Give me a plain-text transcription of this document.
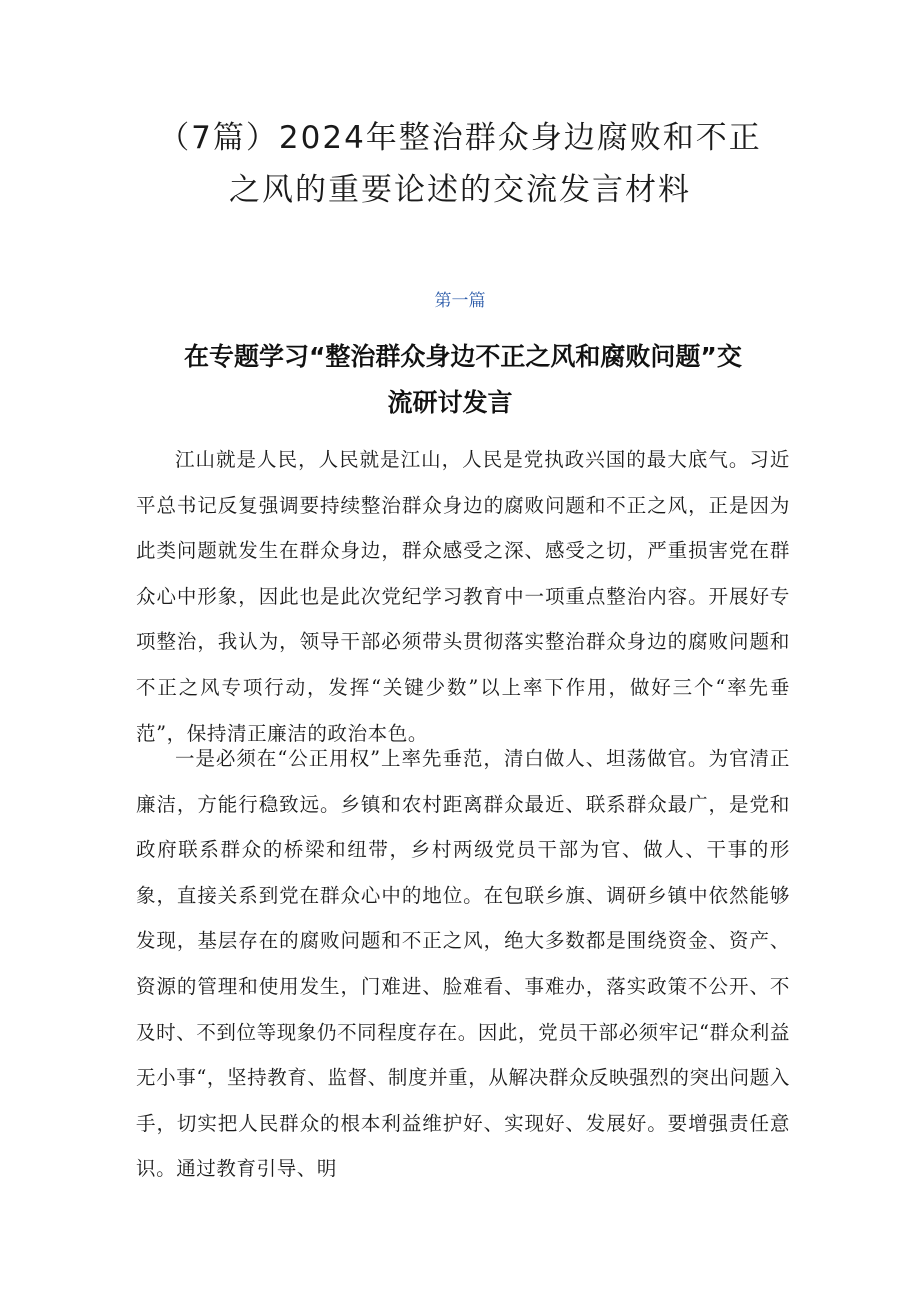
（7篇）2024年整治群众身边腐败和不正
之风的重要论述的交流发言材料
第一篇
在专题学习“整治群众身边不正之风和腐败问题”交
流研讨发言

江山就是人民，人民就是江山，人民是党执政兴国的最大底气。习近平总书记反复强调要持续整治群众身边的腐败问题和不正之风，正是因为此类问题就发生在群众身边，群众感受之深、感受之切，严重损害党在群众心中形象，因此也是此次党纪学习教育中一项重点整治内容。开展好专项整治，我认为，领导干部必须带头贯彻落实整治群众身边的腐败问题和不正之风专项行动，发挥“关键少数”以上率下作用，做好三个“率先垂范”，保持清正廉洁的政治本色。

一是必须在“公正用权”上率先垂范，清白做人、坦荡做官。为官清正廉洁，方能行稳致远。乡镇和农村距离群众最近、联系群众最广，是党和政府联系群众的桥梁和纽带，乡村两级党员干部为官、做人、干事的形象，直接关系到党在群众心中的地位。在包联乡旗、调研乡镇中依然能够发现，基层存在的腐败问题和不正之风，绝大多数都是围绕资金、资产、资源的管理和使用发生，门难进、脸难看、事难办，落实政策不公开、不及时、不到位等现象仍不同程度存在。因此，党员干部必须牢记“群众利益无小事“，坚持教育、监督、制度并重，从解决群众反映强烈的突出问题入手，切实把人民群众的根本利益维护好、实现好、发展好。要增强责任意识。通过教育引导、明
